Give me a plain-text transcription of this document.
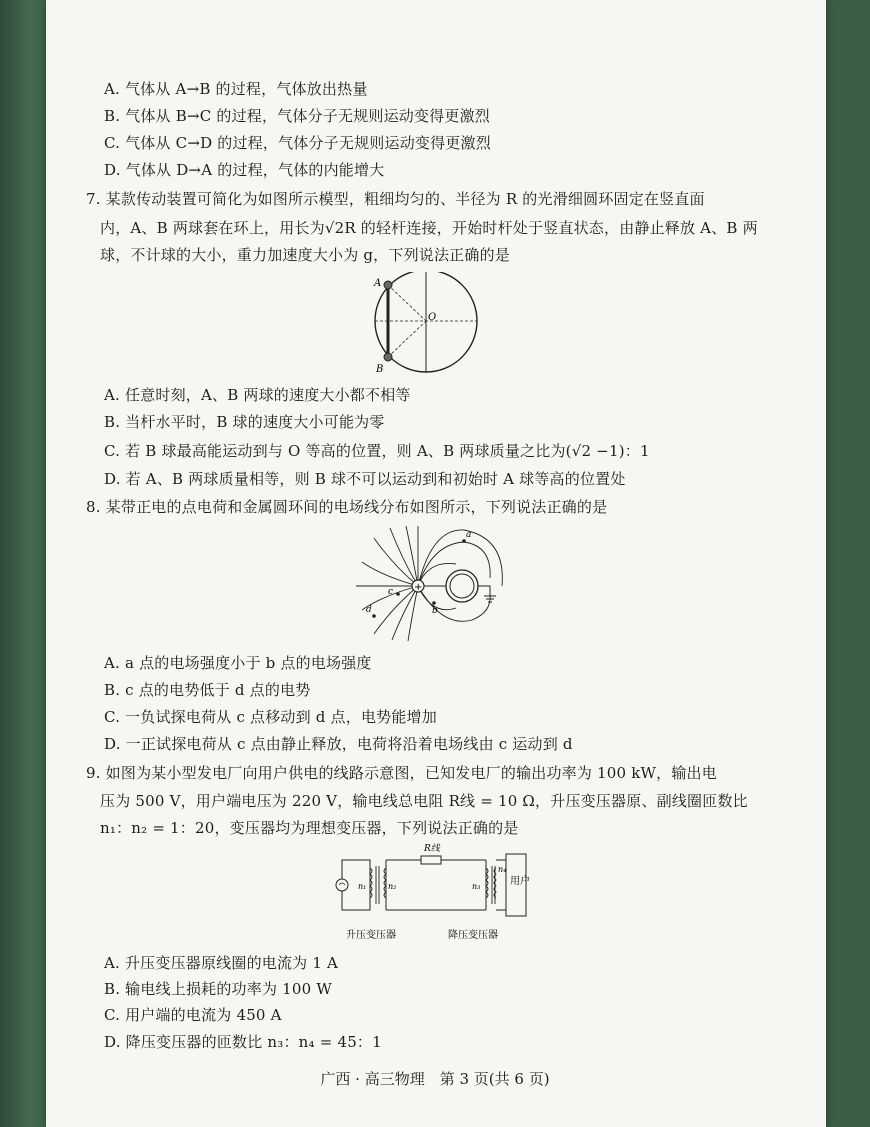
A. 气体从 A→B 的过程，气体放出热量
B. 气体从 B→C 的过程，气体分子无规则运动变得更激烈
C. 气体从 C→D 的过程，气体分子无规则运动变得更激烈
D. 气体从 D→A 的过程，气体的内能增大
7. 某款传动装置可简化为如图所示模型，粗细均匀的、半径为 R 的光滑细圆环固定在竖直面
内，A、B 两球套在环上，用长为√2R 的轻杆连接，开始时杆处于竖直状态，由静止释放 A、B 两
球，不计球的大小，重力加速度大小为 g，下列说法正确的是
A
B
O
A. 任意时刻，A、B 两球的速度大小都不相等
B. 当杆水平时，B 球的速度大小可能为零
C. 若 B 球最高能运动到与 O 等高的位置，则 A、B 两球质量之比为(√2 −1)：1
D. 若 A、B 两球质量相等，则 B 球不可以运动到和初始时 A 球等高的位置处
8. 某带正电的点电荷和金属圆环间的电场线分布如图所示，下列说法正确的是
+
a
b
c
d
A. a 点的电场强度小于 b 点的电场强度
B. c 点的电势低于 d 点的电势
C. 一负试探电荷从 c 点移动到 d 点，电势能增加
D. 一正试探电荷从 c 点由静止释放，电荷将沿着电场线由 c 运动到 d
9. 如图为某小型发电厂向用户供电的线路示意图，已知发电厂的输出功率为 100 kW，输出电
压为 500 V，用户端电压为 220 V，输电线总电阻 R线 = 10 Ω，升压变压器原、副线圈匝数比
n₁：n₂ = 1：20，变压器均为理想变压器，下列说法正确的是
R线
用户
n₁	n₂	n₃
n₄
升压变压器	降压变压器
A. 升压变压器原线圈的电流为 1 A
B. 输电线上损耗的功率为 100 W
C. 用户端的电流为 450 A
D. 降压变压器的匝数比 n₃：n₄ = 45：1
广西 · 高三物理　第 3 页(共 6 页)
